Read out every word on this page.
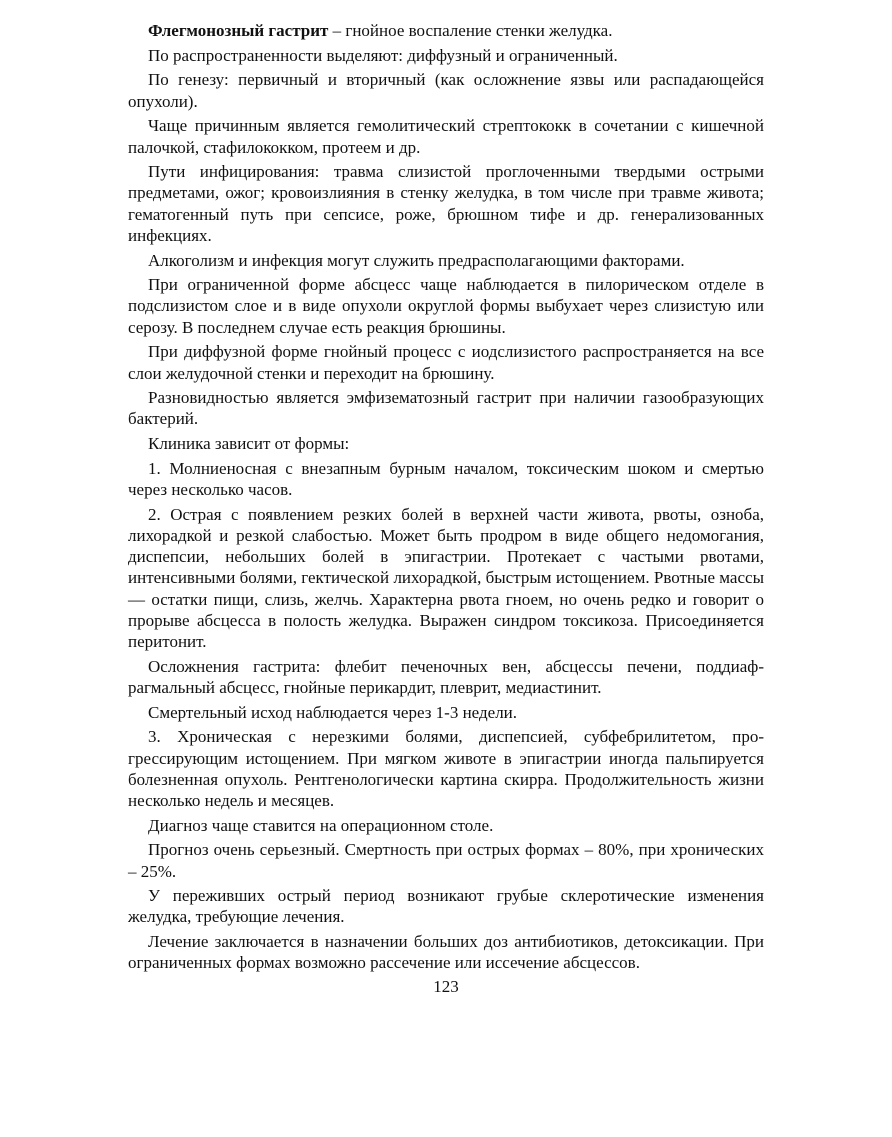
Флегмонозный гастрит – гнойное воспаление стенки желудка.

По распространенности выделяют: диффузный и ограниченный.

По генезу: первичный и вторичный (как осложнение язвы или распадающейся опухоли).

Чаще причинным является гемолитический стрептококк в сочетании с кишечной палочкой, стафилококком, протеем и др.

Пути инфицирования: травма слизистой проглоченными твердыми острыми предметами, ожог; кровоизлияния в стенку желудка, в том числе при травме живота; гематогенный путь при сепсисе, роже, брюшном тифе и др. генерализованных инфекциях.

Алкоголизм и инфекция могут служить предрасполагающими факторами.

При ограниченной форме абсцесс чаще наблюдается в пилорическом отделе в подслизистом слое и в виде опухоли округлой формы выбухает через слизистую или серозу. В последнем случае есть реакция брюшины.

При диффузной форме гнойный процесс с иодслизистого распространяется на все слои желудочной стенки и переходит на брюшину.

Разновидностью является эмфизематозный гастрит при наличии газообразующих бактерий.

Клиника зависит от формы:

1. Молниеносная с внезапным бурным началом, токсическим шоком и смертью через несколько часов.

2. Острая с появлением резких болей в верхней части живота, рвоты, озноба, лихорадкой и резкой слабостью. Может быть продром в виде общего недомогания, диспепсии, небольших болей в эпигастрии. Протекает с частыми рвотами, интенсивными болями, гектической лихорадкой, быстрым истощением. Рвотные массы — остатки пищи, слизь, желчь. Характерна рвота гноем, но очень редко и говорит о прорыве абсцесса в полость желудка. Выражен синдром токсикоза. Присоединяется перитонит.

Осложнения гастрита: флебит печеночных вен, абсцессы печени, поддиафрагмальный абсцесс, гнойные перикардит, плеврит, медиастинит.

Смертельный исход наблюдается через 1-3 недели.

3. Хроническая с нерезкими болями, диспепсией, субфебрилитетом, прогрессирующим истощением. При мягком животе в эпигастрии иногда пальпируется болезненная опухоль. Рентгенологически картина скирра. Продолжительность жизни несколько недель и месяцев.

Диагноз чаще ставится на операционном столе.

Прогноз очень серьезный. Смертность при острых формах – 80%, при хронических – 25%.

У переживших острый период возникают грубые склеротические изменения желудка, требующие лечения.

Лечение заключается в назначении больших доз антибиотиков, детоксикации. При ограниченных формах возможно рассечение или иссечение абсцессов.

123
